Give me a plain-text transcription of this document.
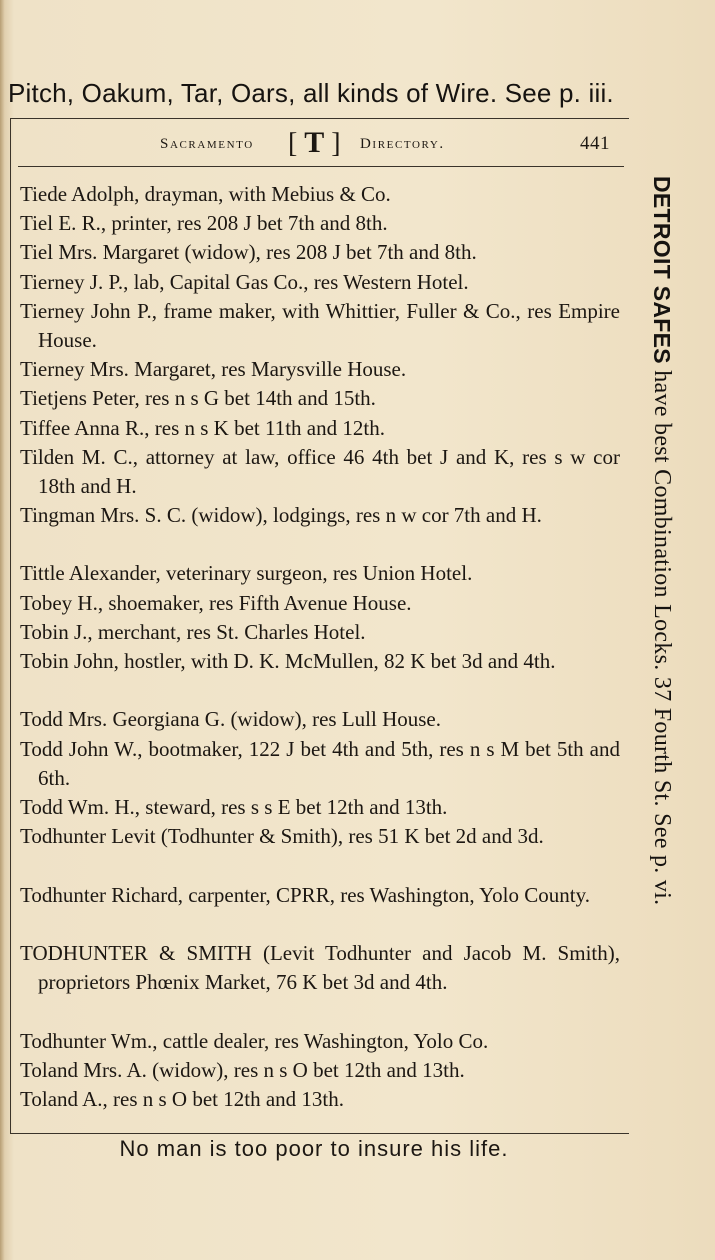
Pitch, Oakum, Tar, Oars, all kinds of Wire. See p. iii.
Sacramento [ T ] Directory.	441
Tiede Adolph, drayman, with Mebius & Co.
Tiel E. R., printer, res 208 J bet 7th and 8th.
Tiel Mrs. Margaret (widow), res 208 J bet 7th and 8th.
Tierney J. P., lab, Capital Gas Co., res Western Hotel.
Tierney John P., frame maker, with Whittier, Fuller & Co., res Empire House.
Tierney Mrs. Margaret, res Marysville House.
Tietjens Peter, res n s G bet 14th and 15th.
Tiffee Anna R., res n s K bet 11th and 12th.
Tilden M. C., attorney at law, office 46 4th bet J and K, res s w cor 18th and H.
Tingman Mrs. S. C. (widow), lodgings, res n w cor 7th and H.
Tittle Alexander, veterinary surgeon, res Union Hotel.
Tobey H., shoemaker, res Fifth Avenue House.
Tobin J., merchant, res St. Charles Hotel.
Tobin John, hostler, with D. K. McMullen, 82 K bet 3d and 4th.
Todd Mrs. Georgiana G. (widow), res Lull House.
Todd John W., bootmaker, 122 J bet 4th and 5th, res n s M bet 5th and 6th.
Todd Wm. H., steward, res s s E bet 12th and 13th.
Todhunter Levit (Todhunter & Smith), res 51 K bet 2d and 3d.
Todhunter Richard, carpenter, CPRR, res Washington, Yolo County.
TODHUNTER & SMITH (Levit Todhunter and Jacob M. Smith), proprietors Phœnix Market, 76 K bet 3d and 4th.
Todhunter Wm., cattle dealer, res Washington, Yolo Co.
Toland Mrs. A. (widow), res n s O bet 12th and 13th.
Toland A., res n s O bet 12th and 13th.
DETROIT SAFES have best Combination Locks. 37 Fourth St. See p. vi.
No man is too poor to insure his life.
